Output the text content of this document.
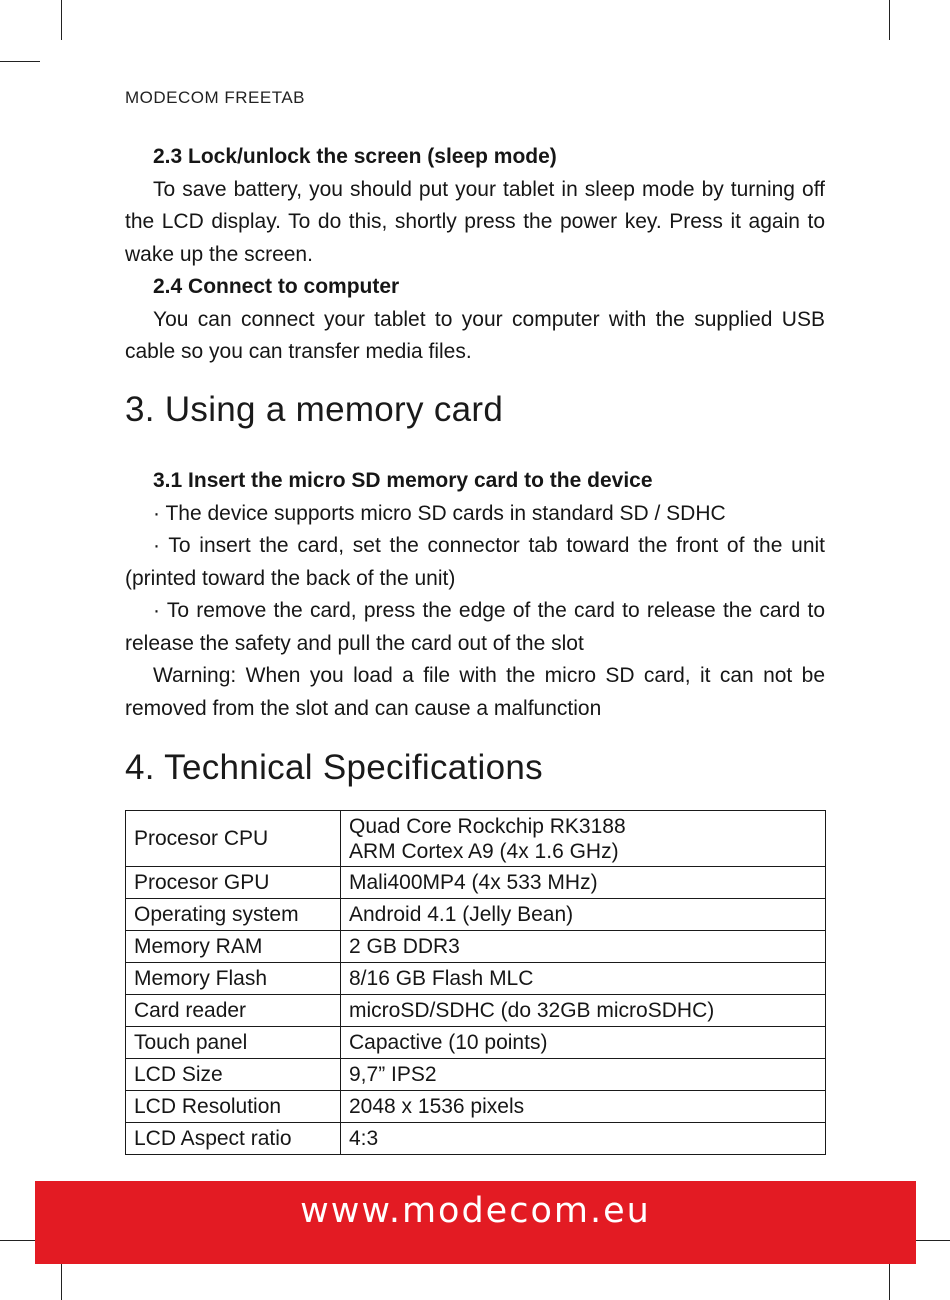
MODECOM FREETAB
2.3 Lock/unlock the screen (sleep mode)
To save battery, you should put your tablet in sleep mode by turning off the LCD display. To do this, shortly press the power key. Press it again to wake up the screen.
2.4 Connect to computer
You can connect your tablet to your computer with the supplied USB cable so you can transfer media files.
3. Using a memory card
3.1 Insert the micro SD memory card to the device
· The device supports micro SD cards in standard SD / SDHC
· To insert the card, set the connector tab toward the front of the unit (printed toward the back of the unit)
· To remove the card, press the edge of the card to release the card to release the safety and pull the card out of the slot
Warning: When you load a file with the micro SD card, it can not be removed from the slot and can cause a malfunction
4. Technical Specifications
Procesor CPU	Quad Core Rockchip RK3188
ARM Cortex A9 (4x 1.6 GHz)

Procesor GPU	Mali400MP4 (4x 533 MHz)
Operating system	Android 4.1 (Jelly Bean)
Memory RAM	2 GB DDR3
Memory Flash	8/16 GB Flash MLC
Card reader	microSD/SDHC (do 32GB microSDHC)
Touch panel	Capactive (10 points)
LCD Size	9,7” IPS2
LCD Resolution	2048 x 1536 pixels
LCD Aspect ratio	4:3
www.modecom.eu
